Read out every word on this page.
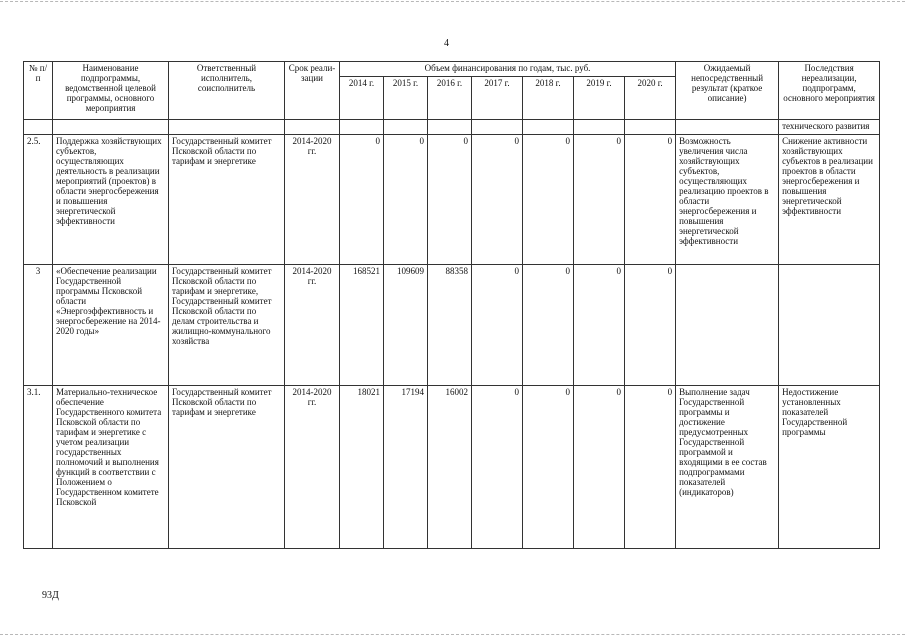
4
№ п/п	Наименование подпрограммы, ведомственной целевой программы, основного мероприятия	Ответственный исполнитель, соисполнитель	Срок реали- зации	Объем финансирования по годам, тыс. руб.							Ожидаемый непосредственный результат (краткое описание)	Последствия нереализации, подпрограмм, основного мероприятия
				2014 г.	2015 г.	2016 г.	2017 г.	2018 г.	2019 г.	2020 г.		
												технического развития
2.5.	Поддержка хозяйствующих субъектов, осуществляющих деятельность в реализации мероприятий (проектов) в области энергосбережения и повышения энергетической эффективности	Государственный комитет Псковской области по тарифам и энергетике	2014-2020 гг.	0	0	0	0	0	0	0	Возможность увеличения числа хозяйствующих субъектов, осуществляющих реализацию проектов в области энергосбережения и повышения энергетической эффективности	Снижение активности хозяйствующих субъектов в реализации проектов в области энергосбережения и повышения энергетической эффективности
3	«Обеспечение реализации Государственной программы Псковской области «Энергоэффективность и энергосбережение на 2014-2020 годы»	Государственный комитет Псковской области по тарифам и энергетике, Государственный комитет Псковской области по делам строительства и жилищно-коммунального хозяйства	2014-2020 гг.	168521	109609	88358	0	0	0	0		
3.1.	Материально-техническое обеспечение Государственного комитета Псковской области по тарифам и энергетике с учетом реализации государственных полномочий и выполнения функций в соответствии с Положением о Государственном комитете Псковской	Государственный комитет Псковской области по тарифам и энергетике	2014-2020 гг.	18021	17194	16002	0	0	0	0	Выполнение задач Государственной программы и достижение предусмотренных Государственной программой и входящими в ее состав подпрограммами показателей (индикаторов)	Недостижение установленных показателей Государственной программы
93Д
